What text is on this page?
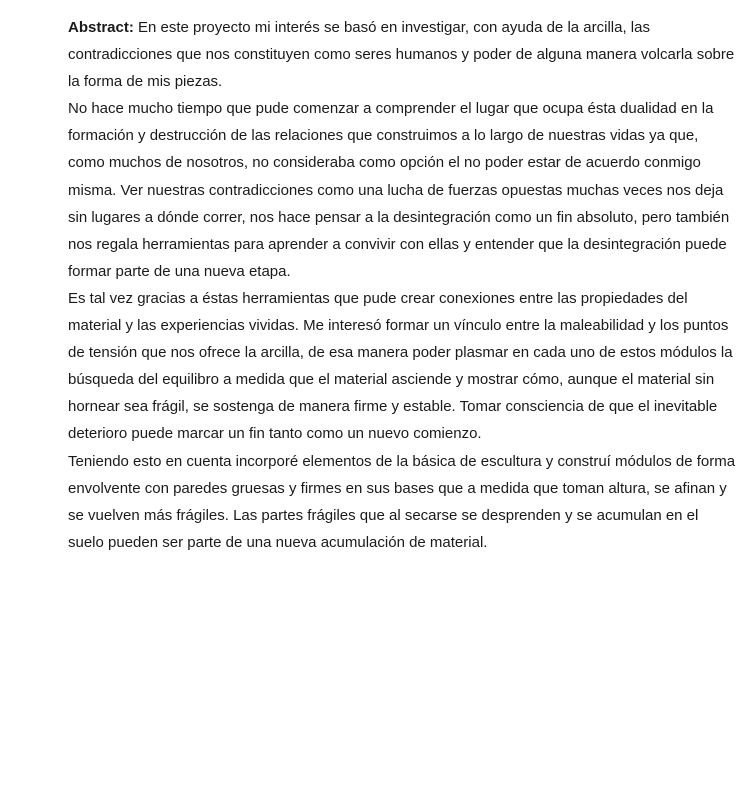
Abstract: En este proyecto mi interés se basó en investigar, con ayuda de la arcilla, las contradicciones que nos constituyen como seres humanos y poder de alguna manera volcarla sobre la forma de mis piezas.

No hace mucho tiempo que pude comenzar a comprender el lugar que ocupa ésta dualidad en la formación y destrucción de las relaciones que construimos a lo largo de nuestras vidas ya que, como muchos de nosotros, no consideraba como opción el no poder estar de acuerdo conmigo misma. Ver nuestras contradicciones como una lucha de fuerzas opuestas muchas veces nos deja sin lugares a dónde correr, nos hace pensar a la desintegración como un fin absoluto, pero también nos regala herramientas para aprender a convivir con ellas y entender que la desintegración puede formar parte de una nueva etapa.

Es tal vez gracias a éstas herramientas que pude crear conexiones entre las propiedades del material y las experiencias vividas. Me interesó formar un vínculo entre la maleabilidad y los puntos de tensión que nos ofrece la arcilla, de esa manera poder plasmar en cada uno de estos módulos la búsqueda del equilibro a medida que el material asciende y mostrar cómo, aunque el material sin hornear sea frágil, se sostenga de manera firme y estable. Tomar consciencia de que el inevitable deterioro puede marcar un fin tanto como un nuevo comienzo.

Teniendo esto en cuenta incorporé elementos de la básica de escultura y construí módulos de forma envolvente con paredes gruesas y firmes en sus bases que a medida que toman altura, se afinan y se vuelven más frágiles. Las partes frágiles que al secarse se desprenden y se acumulan en el suelo pueden ser parte de una nueva acumulación de material.
